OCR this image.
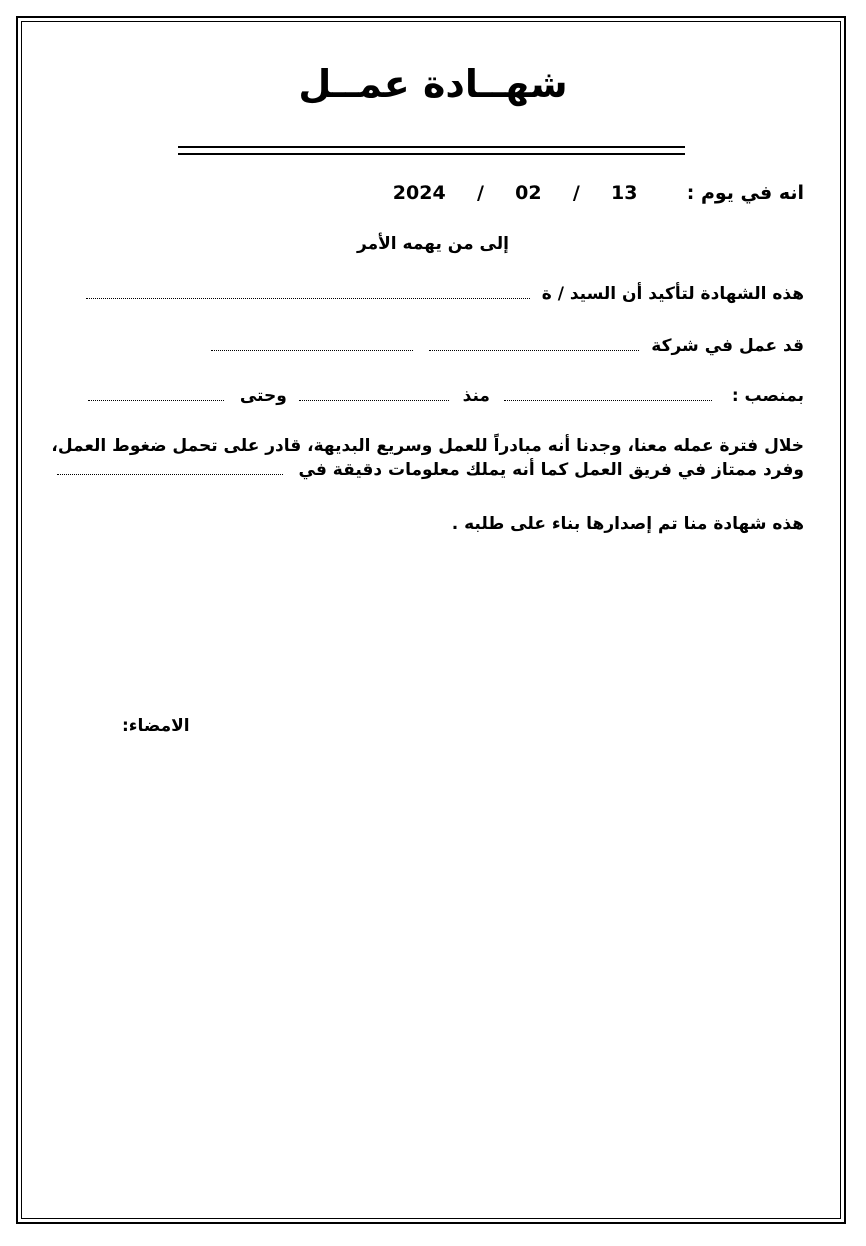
شهــادة عمــل
انه في يوم :  13  /  02  /  2024
إلى من يهمه الأمر
هذه الشهادة لتأكيد أن السيد / ة
قد عمل في شركة
بمنصب :  منذ  وحتى
خلال فترة عمله معنا، وجدنا أنه مبادراً للعمل وسريع البديهة، قادر على تحمل ضغوط العمل،
وفرد ممتاز في فريق العمل كما أنه يملك معلومات دقيقة في
هذه شهادة منا تم إصدارها بناء على طلبه .
الامضاء:
